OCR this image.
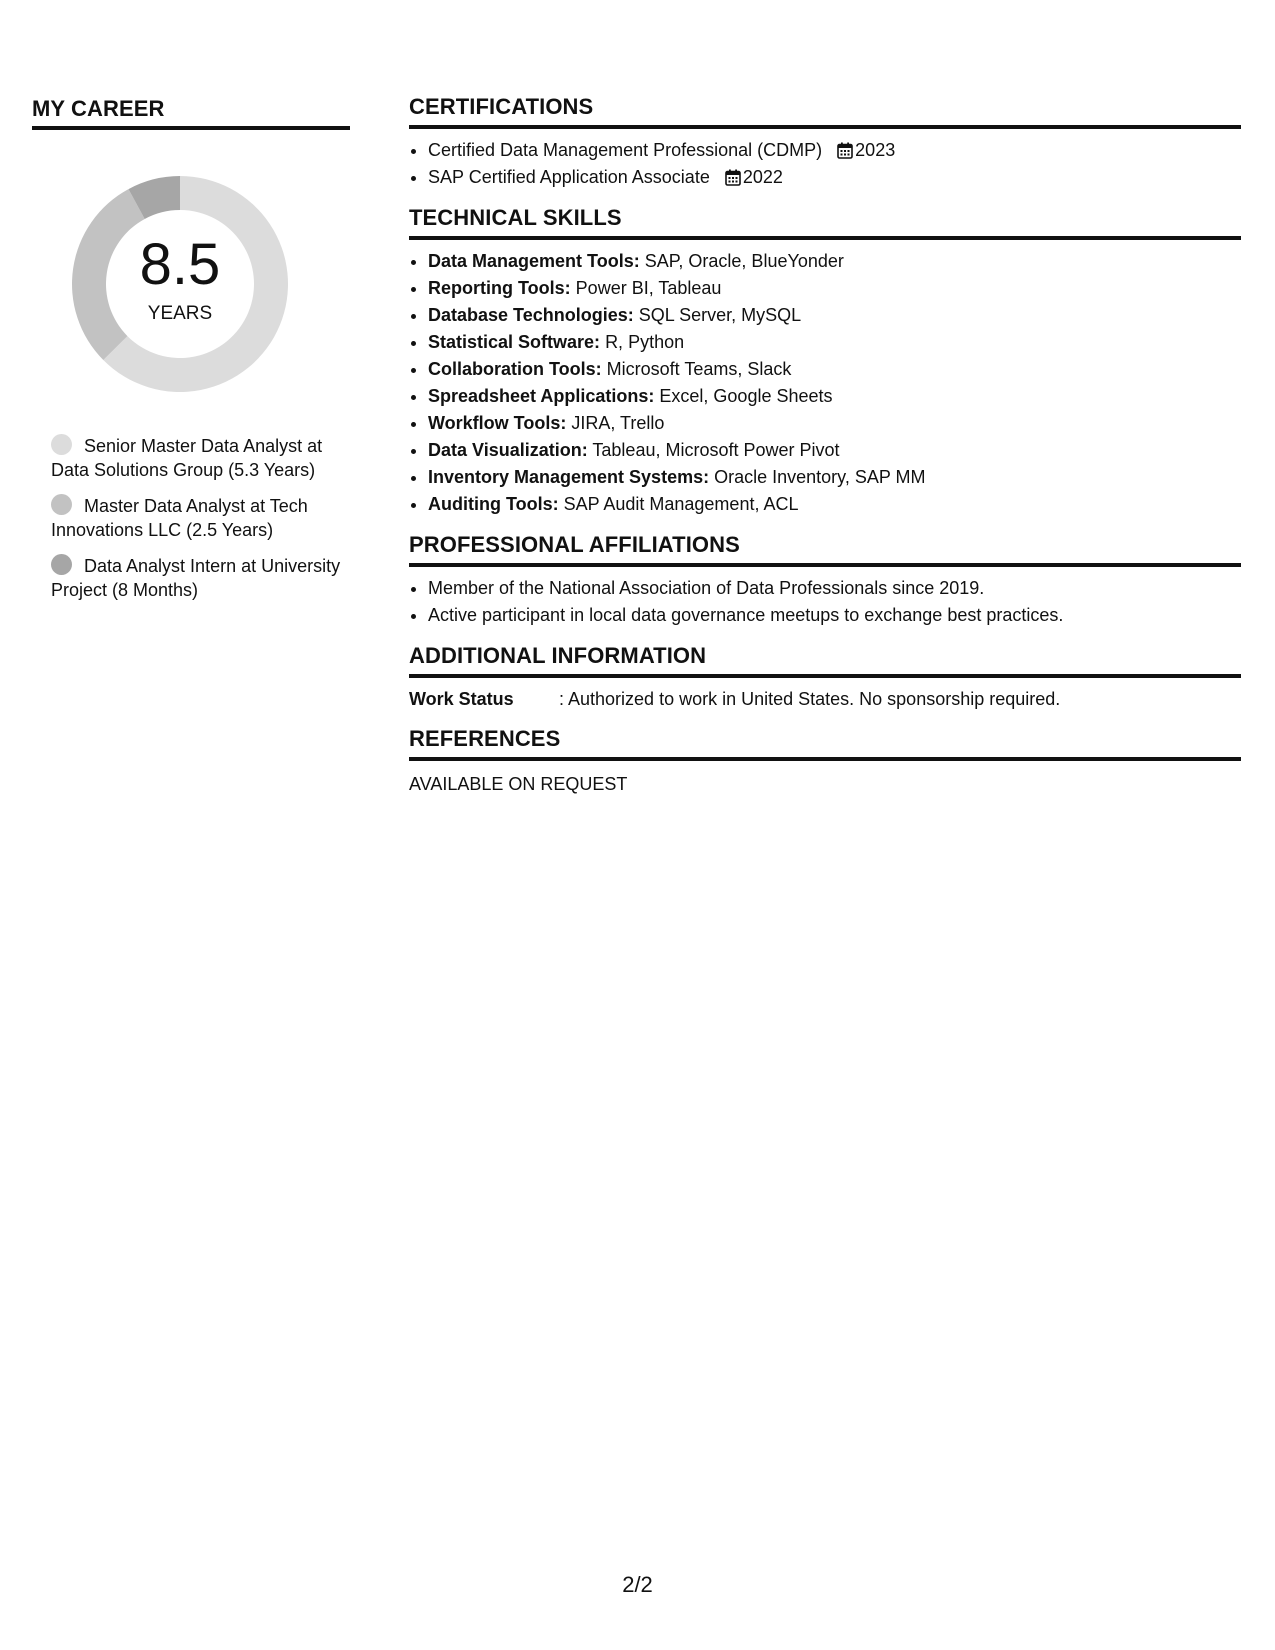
MY CAREER
8.5
YEARS
Senior Master Data Analyst at Data Solutions Group (5.3 Years)
Master Data Analyst at Tech Innovations LLC (2.5 Years)
Data Analyst Intern at University Project (8 Months)
CERTIFICATIONS
• Certified Data Management Professional (CDMP) 2023
• SAP Certified Application Associate 2022
TECHNICAL SKILLS
• Data Management Tools: SAP, Oracle, BlueYonder
• Reporting Tools: Power BI, Tableau
• Database Technologies: SQL Server, MySQL
• Statistical Software: R, Python
• Collaboration Tools: Microsoft Teams, Slack
• Spreadsheet Applications: Excel, Google Sheets
• Workflow Tools: JIRA, Trello
• Data Visualization: Tableau, Microsoft Power Pivot
• Inventory Management Systems: Oracle Inventory, SAP MM
• Auditing Tools: SAP Audit Management, ACL
PROFESSIONAL AFFILIATIONS
• Member of the National Association of Data Professionals since 2019.
• Active participant in local data governance meetups to exchange best practices.
ADDITIONAL INFORMATION
Work Status	: Authorized to work in United States. No sponsorship required.
REFERENCES
AVAILABLE ON REQUEST
2/2
